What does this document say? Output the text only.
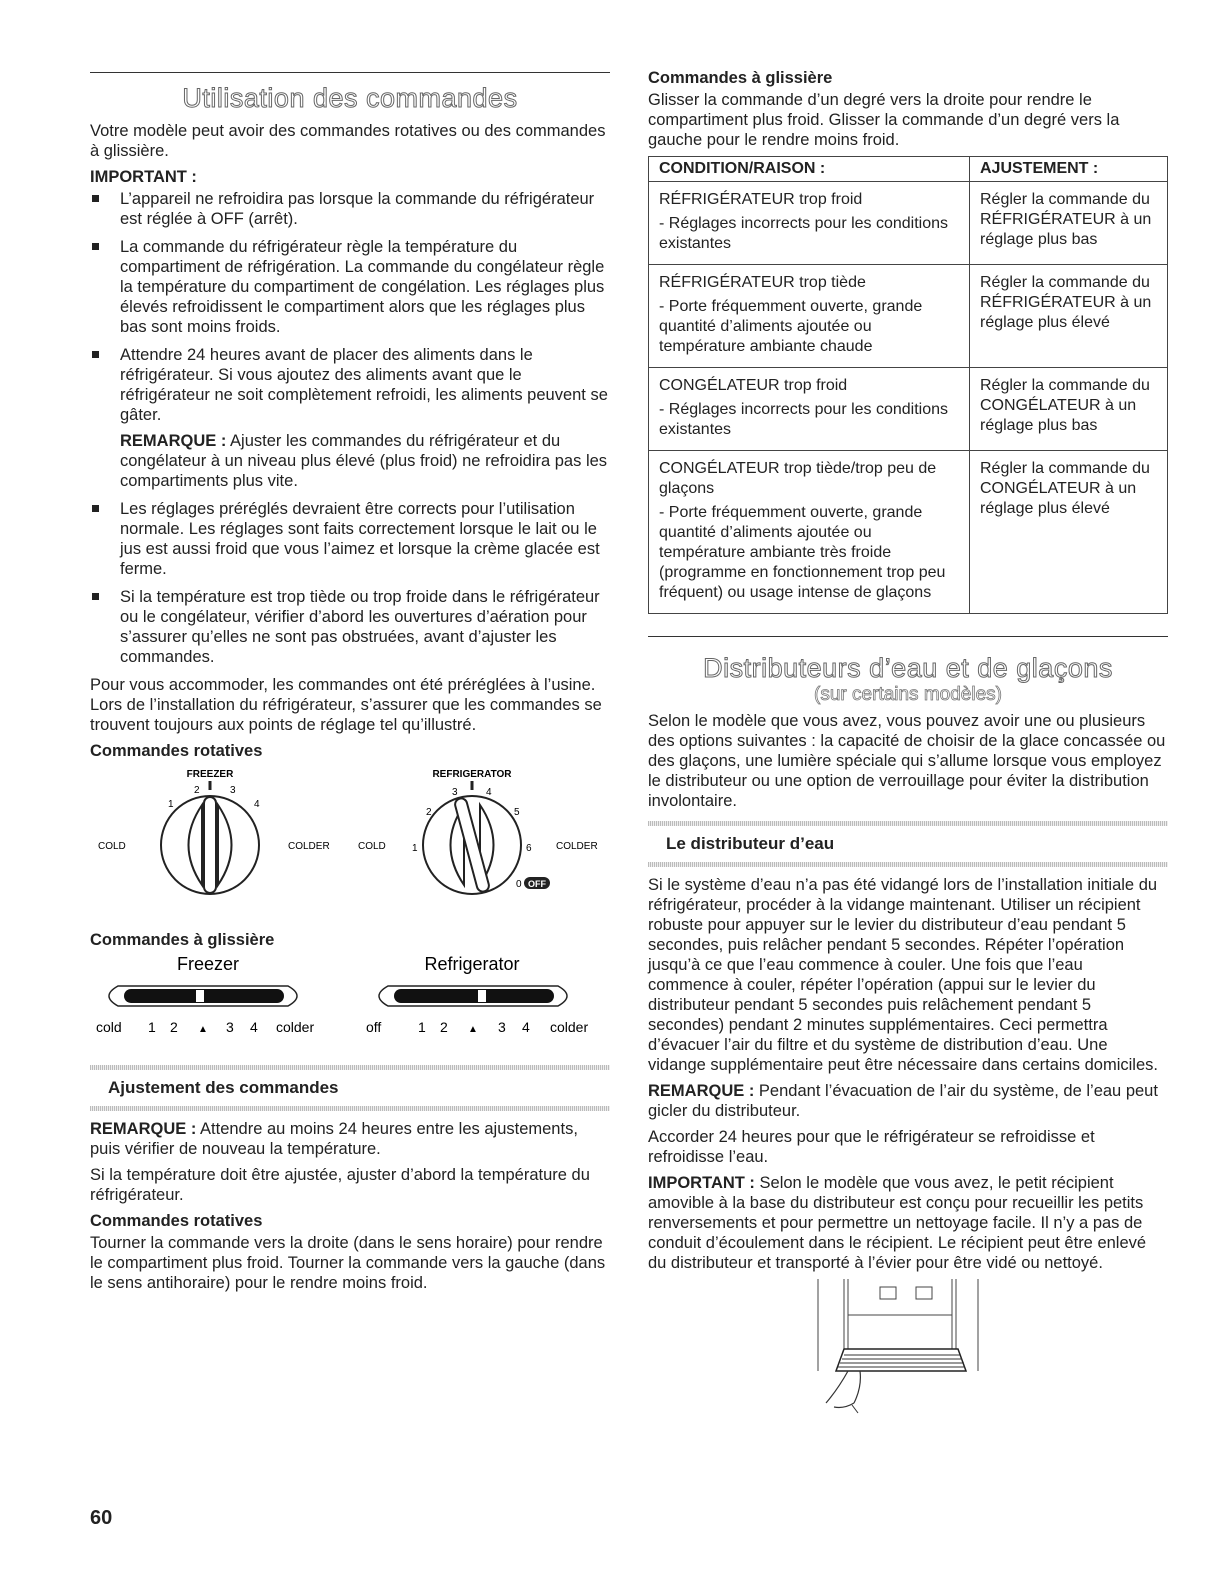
Utilisation des commandes

Votre modèle peut avoir des commandes rotatives ou des commandes à glissière.

IMPORTANT :
L’appareil ne refroidira pas lorsque la commande du réfrigérateur est réglée à OFF (arrêt).
La commande du réfrigérateur règle la température du compartiment de réfrigération. La commande du congélateur règle la température du compartiment de congélation. Les réglages plus élevés refroidissent le compartiment alors que les réglages plus bas sont moins froids.
Attendre 24 heures avant de placer des aliments dans le réfrigérateur. Si vous ajoutez des aliments avant que le réfrigérateur ne soit complètement refroidi, les aliments peuvent se gâter.
REMARQUE : Ajuster les commandes du réfrigérateur et du congélateur à un niveau plus élevé (plus froid) ne refroidira pas les compartiments plus vite.
Les réglages préréglés devraient être corrects pour l’utilisation normale. Les réglages sont faits correctement lorsque le lait ou le jus est aussi froid que vous l’aimez et lorsque la crème glacée est ferme.
Si la température est trop tiède ou trop froide dans le réfrigérateur ou le congélateur, vérifier d’abord les ouvertures d’aération pour s’assurer qu’elles ne sont pas obstruées, avant d’ajuster les commandes.

Pour vous accommoder, les commandes ont été préréglées à l’usine. Lors de l’installation du réfrigérateur, s’assurer que les commandes se trouvent toujours aux points de réglage tel qu’illustré.

Commandes rotatives
FREEZER
1
2	3
4
COLD	COLDER
REFRIGERATOR
1
2
3	4
5
6
0 OFF
COLD	COLDER
Commandes à glissière
Freezer
cold 1 2 ▲ 3 4 colder
Refrigerator
off	1 2 ▲ 3 4 colder
Ajustement des commandes

REMARQUE : Attendre au moins 24 heures entre les ajustements, puis vérifier de nouveau la température.

Si la température doit être ajustée, ajuster d’abord la température du réfrigérateur.

Commandes rotatives

Tourner la commande vers la droite (dans le sens horaire) pour rendre le compartiment plus froid. Tourner la commande vers la gauche (dans le sens antihoraire) pour le rendre moins froid.

Commandes à glissière

Glisser la commande d’un degré vers la droite pour rendre le compartiment plus froid. Glisser la commande d’un degré vers la gauche pour le rendre moins froid.

CONDITION/RAISON :	AJUSTEMENT :

RÉFRIGÉRATEUR trop froid

- Réglages incorrects pour les conditions existantes	Régler la commande du RÉFRIGÉRATEUR à un réglage plus bas

RÉFRIGÉRATEUR trop tiède

- Porte fréquemment ouverte, grande quantité d’aliments ajoutée ou température ambiante chaude	Régler la commande du RÉFRIGÉRATEUR à un réglage plus élevé

CONGÉLATEUR trop froid

- Réglages incorrects pour les conditions existantes	Régler la commande du CONGÉLATEUR à un réglage plus bas

CONGÉLATEUR trop tiède/trop peu de glaçons

- Porte fréquemment ouverte, grande quantité d’aliments ajoutée ou température ambiante très froide (programme en fonctionnement trop peu fréquent) ou usage intense de glaçons	Régler la commande du CONGÉLATEUR à un réglage plus élevé
Distributeurs d’eau et de glaçons
(sur certains modèles)

Selon le modèle que vous avez, vous pouvez avoir une ou plusieurs des options suivantes : la capacité de choisir de la glace concassée ou des glaçons, une lumière spéciale qui s’allume lorsque vous employez le distributeur ou une option de verrouillage pour éviter la distribution involontaire.

Le distributeur d’eau

Si le système d’eau n’a pas été vidangé lors de l’installation initiale du réfrigérateur, procéder à la vidange maintenant. Utiliser un récipient robuste pour appuyer sur le levier du distributeur d’eau pendant 5 secondes, puis relâcher pendant 5 secondes. Répéter l’opération jusqu’à ce que l’eau commence à couler. Une fois que l’eau commence à couler, répéter l’opération (appui sur le levier du distributeur pendant 5 secondes puis relâchement pendant 5 secondes) pendant 2 minutes supplémentaires. Ceci permettra d’évacuer l’air du filtre et du système de distribution d’eau. Une vidange supplémentaire peut être nécessaire dans certains domiciles.

REMARQUE : Pendant l’évacuation de l’air du système, de l’eau peut gicler du distributeur.

Accorder 24 heures pour que le réfrigérateur se refroidisse et refroidisse l’eau.

IMPORTANT : Selon le modèle que vous avez, le petit récipient amovible à la base du distributeur est conçu pour recueillir les petits renversements et pour permettre un nettoyage facile. Il n’y a pas de conduit d’écoulement dans le récipient. Le récipient peut être enlevé du distributeur et transporté à l’évier pour être vidé ou nettoyé.

60
